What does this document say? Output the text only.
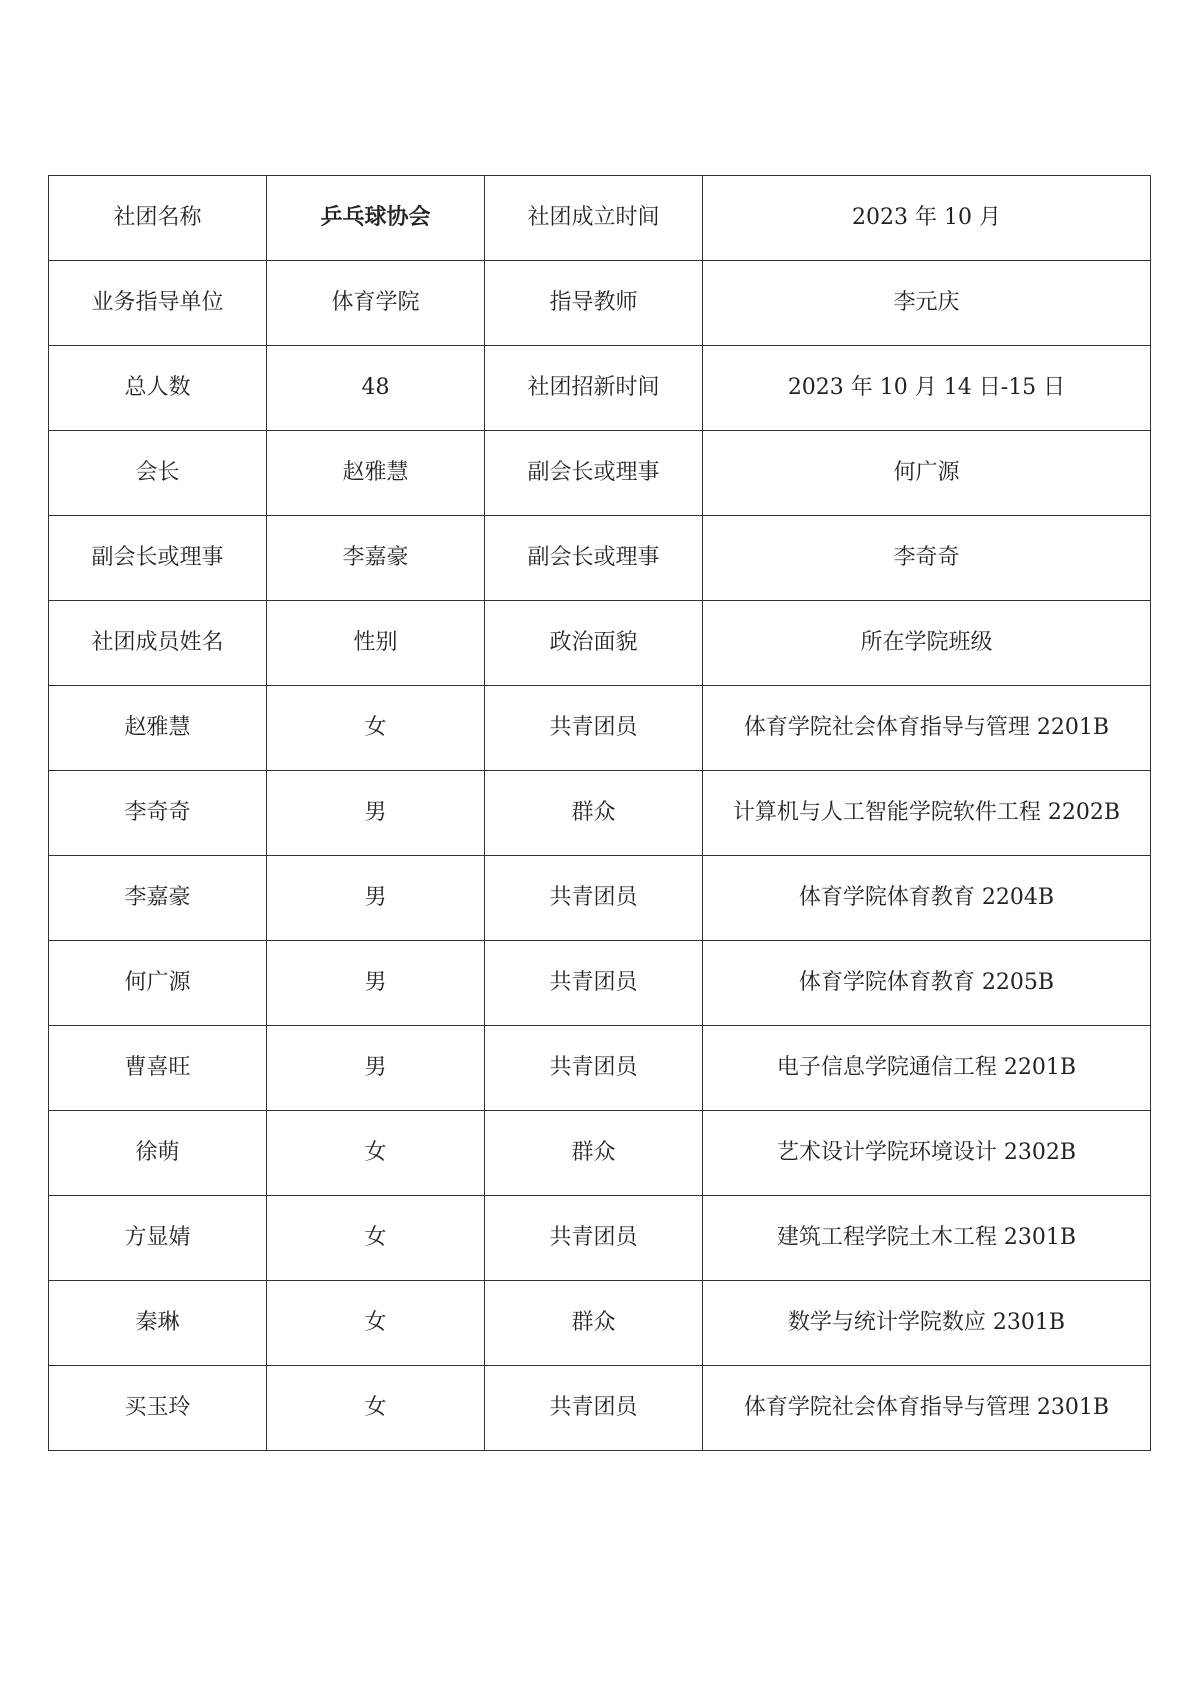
社团名称	乒乓球协会	社团成立时间	2023 年 10 月
业务指导单位	体育学院	指导教师	李元庆
总人数	48	社团招新时间	2023 年 10 月 14 日-15 日
会长	赵雅慧	副会长或理事	何广源
副会长或理事	李嘉豪	副会长或理事	李奇奇
社团成员姓名	性别	政治面貌	所在学院班级
赵雅慧	女	共青团员	体育学院社会体育指导与管理 2201B
李奇奇	男	群众	计算机与人工智能学院软件工程 2202B
李嘉豪	男	共青团员	体育学院体育教育 2204B
何广源	男	共青团员	体育学院体育教育 2205B
曹喜旺	男	共青团员	电子信息学院通信工程 2201B
徐萌	女	群众	艺术设计学院环境设计 2302B
方显婧	女	共青团员	建筑工程学院土木工程 2301B
秦琳	女	群众	数学与统计学院数应 2301B
买玉玲	女	共青团员	体育学院社会体育指导与管理 2301B
